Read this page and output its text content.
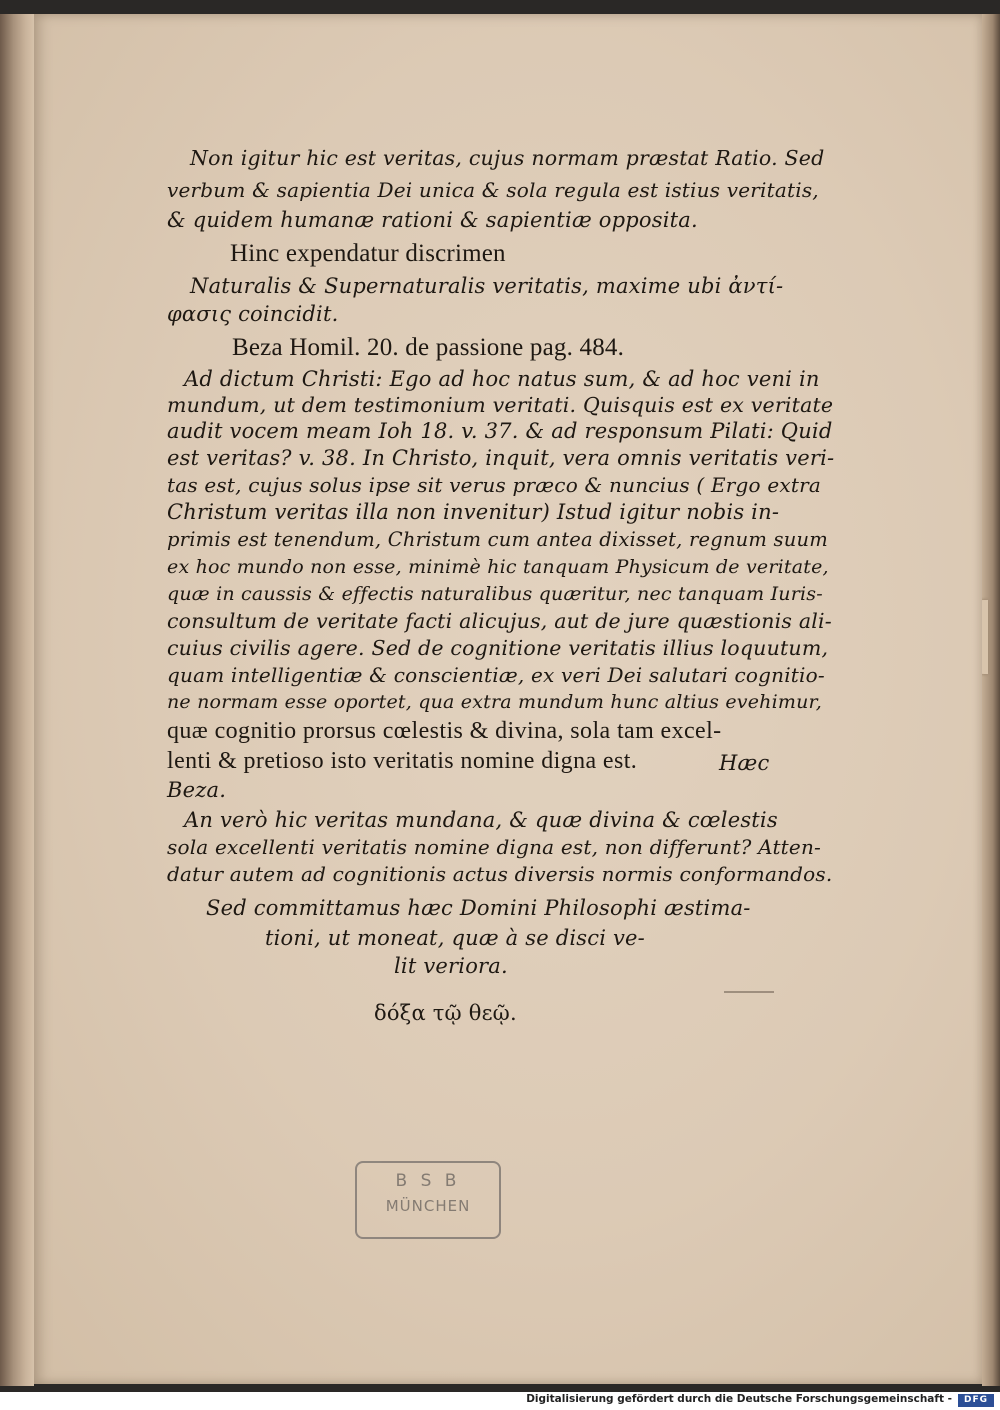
Non igitur hic est veritas, cujus normam præstat Ratio. Sed
verbum & sapientia Dei unica & sola regula est istius veritatis,
& quidem humanæ rationi & sapientiæ opposita.
Hinc expendatur discrimen
Naturalis & Supernaturalis veritatis, maxime ubi ἀντί-
φασις coincidit.
Beza Homil. 20. de passione pag. 484.
Ad dictum Christi: Ego ad hoc natus sum, & ad hoc veni in
mundum, ut dem testimonium veritati. Quisquis est ex veritate
audit vocem meam Ioh 18. v. 37. & ad responsum Pilati: Quid
est veritas? v. 38. In Christo, inquit, vera omnis veritatis veri-
tas est, cujus solus ipse sit verus præco & nuncius ( Ergo extra
Christum veritas illa non invenitur) Istud igitur nobis in-
primis est tenendum, Christum cum antea dixisset, regnum suum
ex hoc mundo non esse, minimè hic tanquam Physicum de veritate,
quæ in caussis & effectis naturalibus quæritur, nec tanquam Iuris-
consultum de veritate facti alicujus, aut de jure quæstionis ali-
cuius civilis agere. Sed de cognitione veritatis illius loquutum,
quam intelligentiæ & conscientiæ, ex veri Dei salutari cognitio-
ne normam esse oportet, qua extra mundum hunc altius evehimur,
quæ cognitio prorsus cœlestis & divina, sola tam excel-
lenti & pretioso isto veritatis nomine digna est.	Hæc
Beza.
An verò hic veritas mundana, & quæ divina & cœlestis
sola excellenti veritatis nomine digna est, non differunt? Atten-
datur autem ad cognitionis actus diversis normis conformandos.
Sed committamus hæc Domini Philosophi æstima-
tioni, ut moneat, quæ à se disci ve-
lit veriora.
δόξα τῷ θεῷ.
B S B
MÜNCHEN
Digitalisierung gefördert durch die Deutsche Forschungsgemeinschaft -	DFG
